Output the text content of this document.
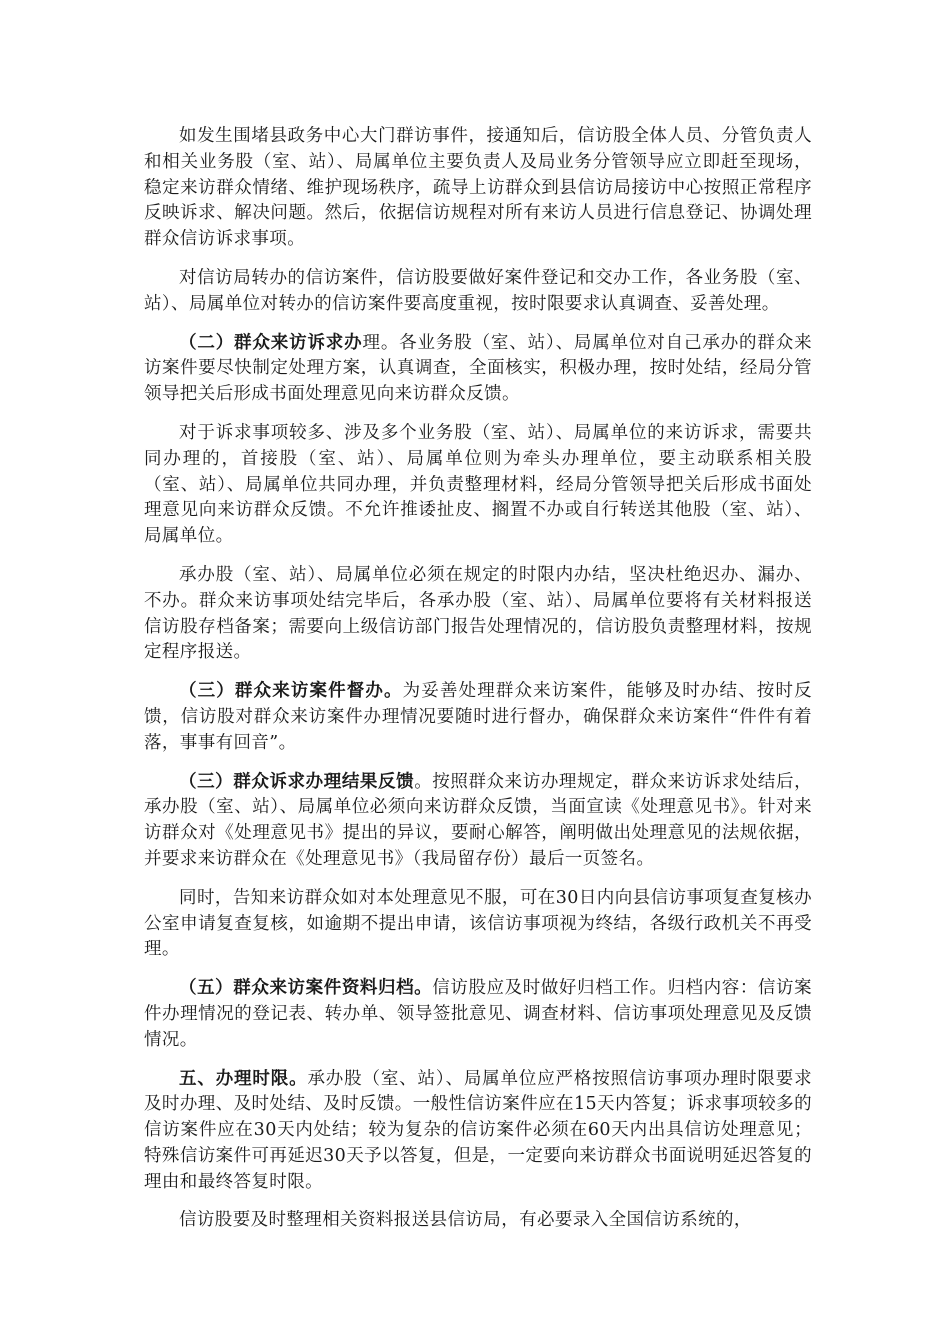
如发生围堵县政务中心大门群访事件，接通知后，信访股全体人员、分管负责人和相关业务股（室、站）、局属单位主要负责人及局业务分管领导应立即赶至现场，稳定来访群众情绪、维护现场秩序，疏导上访群众到县信访局接访中心按照正常程序反映诉求、解决问题。然后，依据信访规程对所有来访人员进行信息登记、协调处理群众信访诉求事项。

对信访局转办的信访案件，信访股要做好案件登记和交办工作，各业务股（室、站）、局属单位对转办的信访案件要高度重视，按时限要求认真调查、妥善处理。

（二）群众来访诉求办理。各业务股（室、站）、局属单位对自己承办的群众来访案件要尽快制定处理方案，认真调查，全面核实，积极办理，按时处结，经局分管领导把关后形成书面处理意见向来访群众反馈。

对于诉求事项较多、涉及多个业务股（室、站）、局属单位的来访诉求，需要共同办理的，首接股（室、站）、局属单位则为牵头办理单位，要主动联系相关股（室、站）、局属单位共同办理，并负责整理材料，经局分管领导把关后形成书面处理意见向来访群众反馈。不允许推诿扯皮、搁置不办或自行转送其他股（室、站）、局属单位。

承办股（室、站）、局属单位必须在规定的时限内办结，坚决杜绝迟办、漏办、不办。群众来访事项处结完毕后，各承办股（室、站）、局属单位要将有关材料报送信访股存档备案；需要向上级信访部门报告处理情况的，信访股负责整理材料，按规定程序报送。

（三）群众来访案件督办。为妥善处理群众来访案件，能够及时办结、按时反馈，信访股对群众来访案件办理情况要随时进行督办，确保群众来访案件“件件有着落，事事有回音”。

（三）群众诉求办理结果反馈。按照群众来访办理规定，群众来访诉求处结后，承办股（室、站）、局属单位必须向来访群众反馈，当面宣读《处理意见书》。针对来访群众对《处理意见书》提出的异议，要耐心解答，阐明做出处理意见的法规依据，并要求来访群众在《处理意见书》（我局留存份）最后一页签名。

同时，告知来访群众如对本处理意见不服，可在30日内向县信访事项复查复核办公室申请复查复核，如逾期不提出申请，该信访事项视为终结，各级行政机关不再受理。

（五）群众来访案件资料归档。信访股应及时做好归档工作。归档内容：信访案件办理情况的登记表、转办单、领导签批意见、调查材料、信访事项处理意见及反馈情况。

五、办理时限。承办股（室、站）、局属单位应严格按照信访事项办理时限要求及时办理、及时处结、及时反馈。一般性信访案件应在15天内答复；诉求事项较多的信访案件应在30天内处结；较为复杂的信访案件必须在60天内出具信访处理意见；特殊信访案件可再延迟30天予以答复，但是，一定要向来访群众书面说明延迟答复的理由和最终答复时限。

信访股要及时整理相关资料报送县信访局，有必要录入全国信访系统的，
